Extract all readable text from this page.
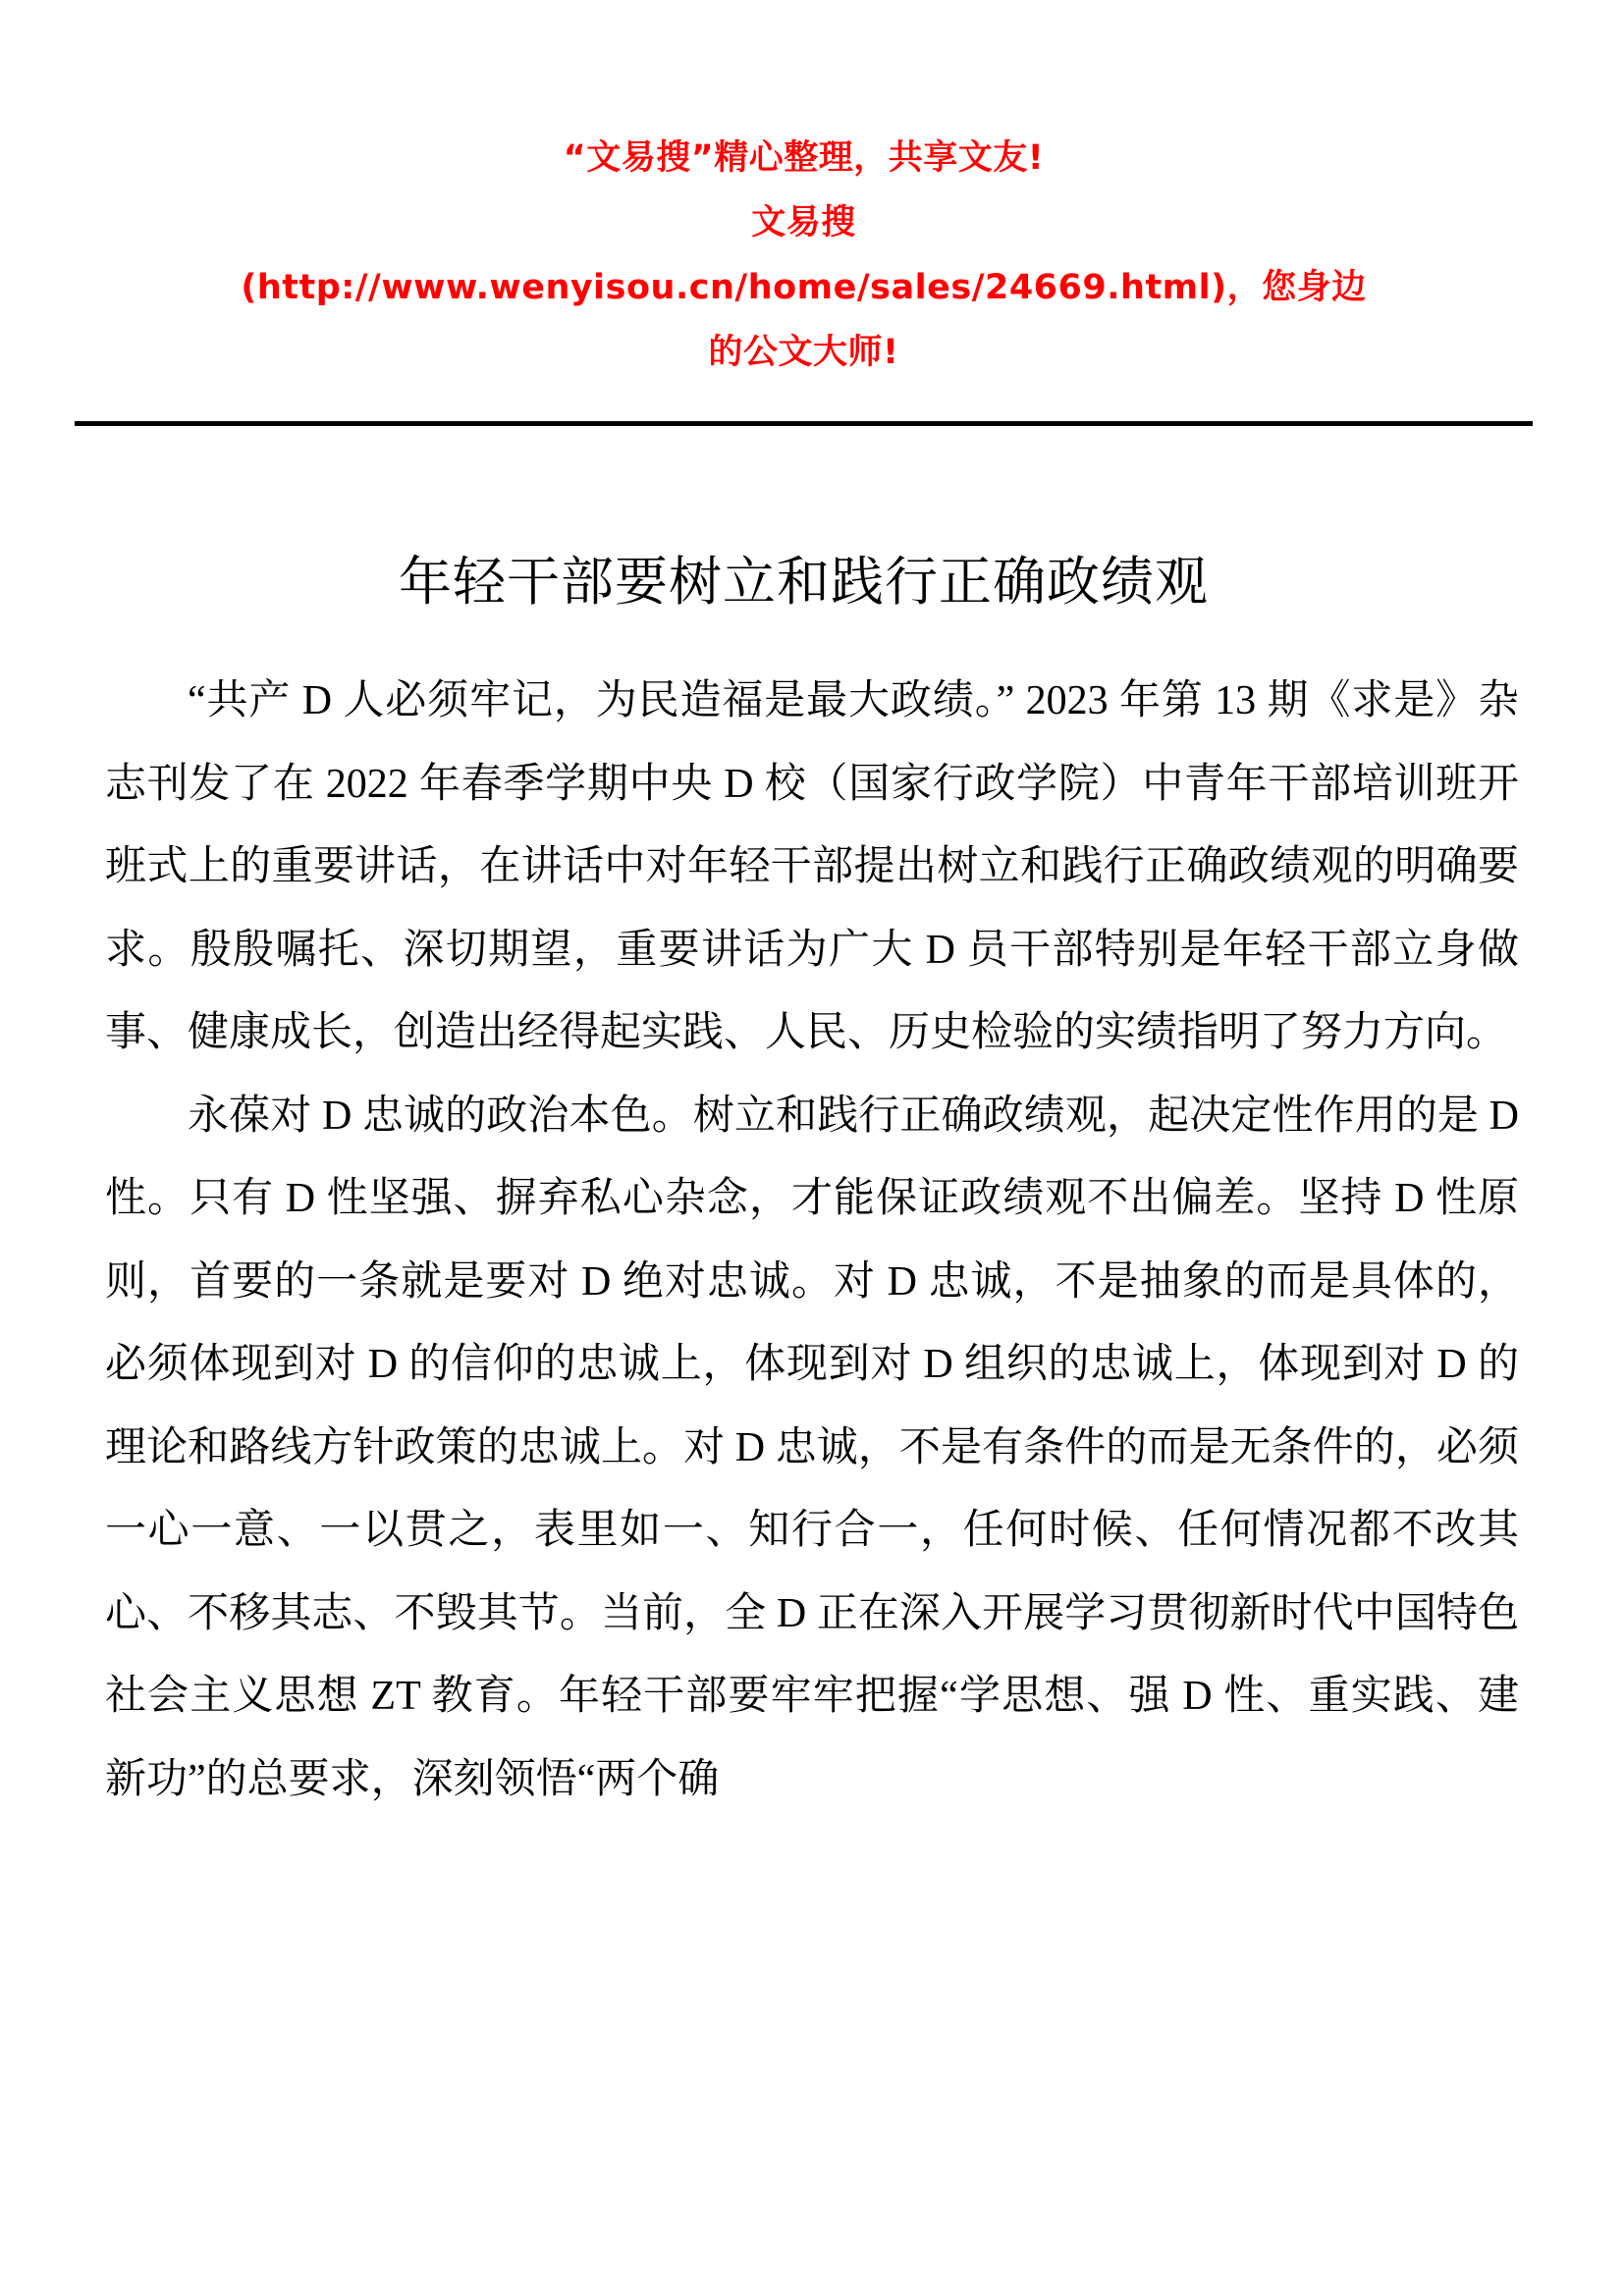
“文易搜”精心整理，共享文友!
文易搜
(http://www.wenyisou.cn/home/sales/24669.html)，您身边
的公文大师!
年轻干部要树立和践行正确政绩观

“共产 D 人必须牢记，为民造福是最大政绩。” 2023 年第 13 期《求是》杂志刊发了在 2022 年春季学期中央 D 校（国家行政学院）中青年干部培训班开班式上的重要讲话，在讲话中对年轻干部提出树立和践行正确政绩观的明确要求。殷殷嘱托、深切期望，重要讲话为广大 D 员干部特别是年轻干部立身做事、健康成长，创造出经得起实践、人民、历史检验的实绩指明了努力方向。

永葆对 D 忠诚的政治本色。树立和践行正确政绩观，起决定性作用的是 D 性。只有 D 性坚强、摒弃私心杂念，才能保证政绩观不出偏差。坚持 D 性原则，首要的一条就是要对 D 绝对忠诚。对 D 忠诚，不是抽象的而是具体的，必须体现到对 D 的信仰的忠诚上，体现到对 D 组织的忠诚上，体现到对 D 的理论和路线方针政策的忠诚上。对 D 忠诚，不是有条件的而是无条件的，必须一心一意、一以贯之，表里如一、知行合一，任何时候、任何情况都不改其心、不移其志、不毁其节。当前，全 D 正在深入开展学习贯彻新时代中国特色社会主义思想 ZT 教育。年轻干部要牢牢把握“学思想、强 D 性、重实践、建新功”的总要求，深刻领悟“两个确
